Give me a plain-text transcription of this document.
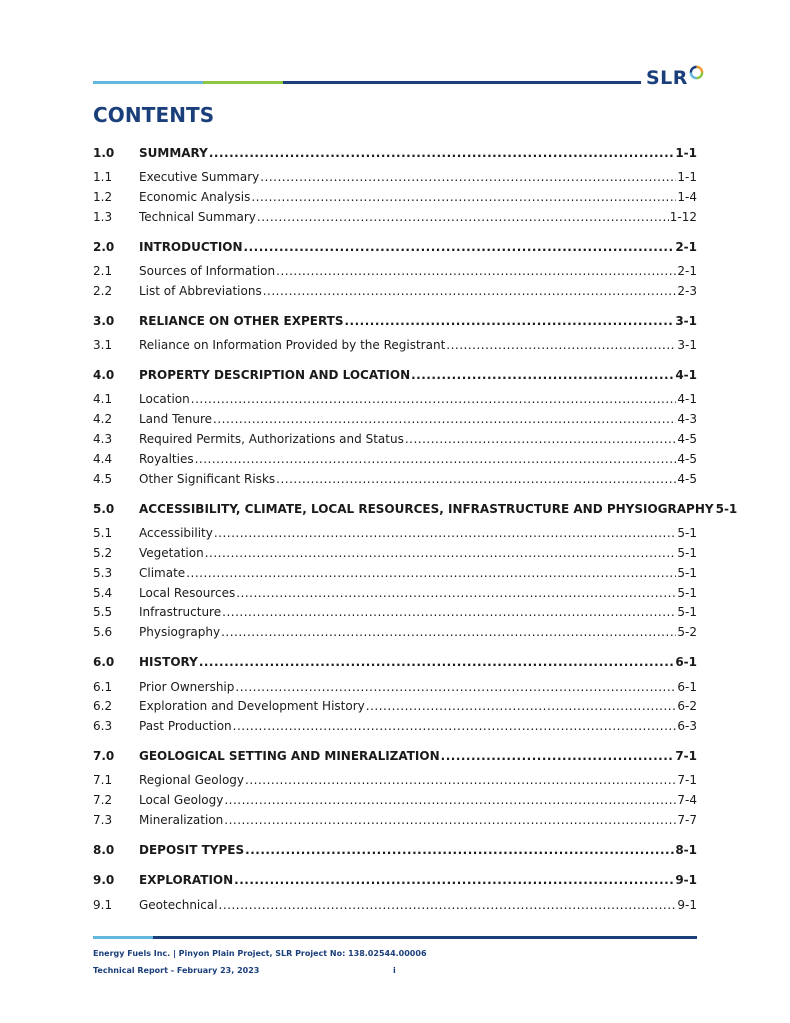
SLR
CONTENTS
1.0	SUMMARY .....	1-1
1.1	Executive Summary .....	1-1
1.2	Economic Analysis .....	1-4
1.3	Technical Summary .....	1-12
2.0	INTRODUCTION .....	2-1
2.1	Sources of Information .....	2-1
2.2	List of Abbreviations .....	2-3
3.0	RELIANCE ON OTHER EXPERTS .....	3-1
3.1	Reliance on Information Provided by the Registrant .....	3-1
4.0	PROPERTY DESCRIPTION AND LOCATION .....	4-1
4.1	Location .....	4-1
4.2	Land Tenure .....	4-3
4.3	Required Permits, Authorizations and Status .....	4-5
4.4	Royalties .....	4-5
4.5	Other Significant Risks .....	4-5
5.0	ACCESSIBILITY, CLIMATE, LOCAL RESOURCES, INFRASTRUCTURE AND PHYSIOGRAPHY 5-1
5.1	Accessibility .....	5-1
5.2	Vegetation .....	5-1
5.3	Climate .....	5-1
5.4	Local Resources .....	5-1
5.5	Infrastructure .....	5-1
5.6	Physiography .....	5-2
6.0	HISTORY .....	6-1
6.1	Prior Ownership .....	6-1
6.2	Exploration and Development History .....	6-2
6.3	Past Production .....	6-3
7.0	GEOLOGICAL SETTING AND MINERALIZATION .....	7-1
7.1	Regional Geology .....	7-1
7.2	Local Geology .....	7-4
7.3	Mineralization .....	7-7
8.0	DEPOSIT TYPES .....	8-1
9.0	EXPLORATION .....	9-1
9.1	Geotechnical .....	9-1
Energy Fuels Inc. | Pinyon Plain Project, SLR Project No: 138.02544.00006
Technical Report - February 23, 2023	i
